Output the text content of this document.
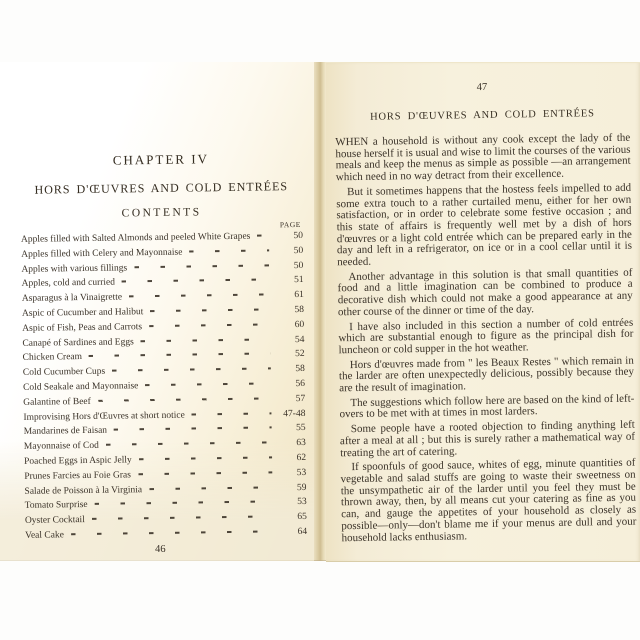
CHAPTER IV
HORS D'ŒUVRES AND COLD ENTRÉES
CONTENTS
PAGE
Apples filled with Salted Almonds and peeled White Grapes	50
Apples filled with Celery and Mayonnaise	50
Apples with various fillings	50
Apples, cold and curried	51
Asparagus à la Vinaigrette	61
Aspic of Cucumber and Halibut	58
Aspic of Fish, Peas and Carrots	60
Canapé of Sardines and Eggs	54
Chicken Cream	52
Cold Cucumber Cups	58
Cold Seakale and Mayonnaise	56
Galantine of Beef	57
Improvising Hors d'Œuvres at short notice	47-48
Mandarines de Faisan	55
Mayonnaise of Cod	63
Poached Eggs in Aspic Jelly	62
Prunes Farcies au Foie Gras	53
Salade de Poisson à la Virginia	59
Tomato Surprise	53
Oyster Cocktail	65
Veal Cake	64
46
47
HORS D'ŒUVRES AND COLD ENTRÉES

WHEN a household is without any cook except the lady of the house herself it is usual and wise to limit the courses of the various meals and keep the menus as simple as possible —an arrangement which need in no way detract from their excellence.

But it sometimes happens that the hostess feels impelled to add some extra touch to a rather curtailed menu, either for her own satisfaction, or in order to celebrate some festive occasion ; and this state of affairs is frequently well met by a dish of hors d'œuvres or a light cold entrée which can be prepared early in the day and left in a refrigerator, on ice or in a cool cellar until it is needed.

Another advantage in this solution is that small quantities of food and a little imagination can be combined to produce a decorative dish which could not make a good appearance at any other course of the dinner or time of the day.

I have also included in this section a number of cold entrées which are substantial enough to figure as the principal dish for luncheon or cold supper in the hot weather.

Hors d'œuvres made from " les Beaux Restes " which remain in the larder are often unexpectedly delicious, possibly because they are the result of imagination.

The suggestions which follow here are based on the kind of left-overs to be met with at times in most larders.

Some people have a rooted objection to finding anything left after a meal at all ; but this is surely rather a mathematical way of treating the art of catering.

If spoonfuls of good sauce, whites of egg, minute quantities of vegetable and salad stuffs are going to waste their sweetness on the unsympathetic air of the larder until you feel they must be thrown away, then, by all means cut your catering as fine as you can, and gauge the appetites of your household as closely as possible—only—don't blame me if your menus are dull and your household lacks enthusiasm.
